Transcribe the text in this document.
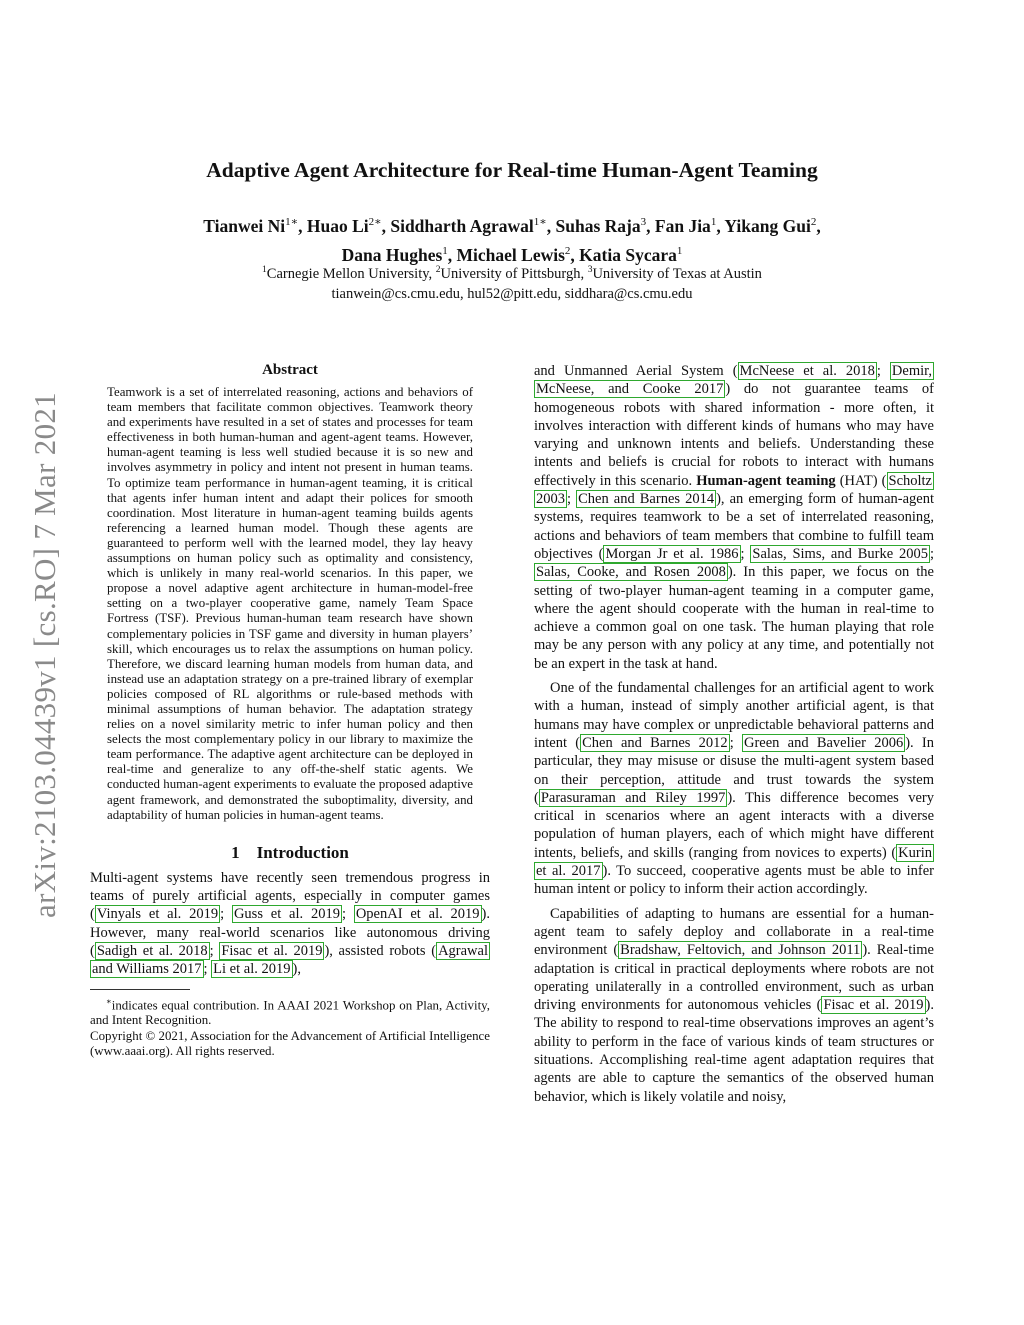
arXiv:2103.04439v1 [cs.RO] 7 Mar 2021
Adaptive Agent Architecture for Real-time Human-Agent Teaming
Tianwei $Ni^{1∗}$, Huao $Li^{2∗}$, Siddharth Agrawal$^{1∗}$, Suhas Raja$^3$, Fan Jia$^1$, Yikang Gui$^2$,
Dana Hughes$^1$, Michael Lewis$^2$, Katia Sycara$^1$
$^1$Carnegie Mellon University, $^2$University of Pittsburgh, $^3$University of Texas at Austin
tianwein@cs.cmu.edu, hul52@pitt.edu, siddhara@cs.cmu.edu
Abstract
Teamwork is a set of interrelated reasoning, actions and behaviors of team members that facilitate common objectives. Teamwork theory and experiments have resulted in a set of states and processes for team effectiveness in both human-human and agent-agent teams. However, human-agent teaming is less well studied because it is so new and involves asymmetry in policy and intent not present in human teams. To optimize team performance in human-agent teaming, it is critical that agents infer human intent and adapt their polices for smooth coordination. Most literature in human-agent teaming builds agents referencing a learned human model. Though these agents are guaranteed to perform well with the learned model, they lay heavy assumptions on human policy such as optimality and consistency, which is unlikely in many real-world scenarios. In this paper, we propose a novel adaptive agent architecture in human-model-free setting on a two-player cooperative game, namely Team Space Fortress (TSF). Previous human-human team research have shown complementary policies in TSF game and diversity in human players’ skill, which encourages us to relax the assumptions on human policy. Therefore, we discard learning human models from human data, and instead use an adaptation strategy on a pre-trained library of exemplar policies composed of RL algorithms or rule-based methods with minimal assumptions of human behavior. The adaptation strategy relies on a novel similarity metric to infer human policy and then selects the most complementary policy in our library to maximize the team performance. The adaptive agent architecture can be deployed in real-time and generalize to any off-the-shelf static agents. We conducted human-agent experiments to evaluate the proposed adaptive agent framework, and demonstrated the suboptimality, diversity, and adaptability of human policies in human-agent teams.
1 Introduction

Multi-agent systems have recently seen tremendous progress in teams of purely artificial agents, especially in computer games ( Vinyals et al. 2019 ; Guss et al. 2019 ; OpenAI et al. 2019 ). However, many real-world scenarios like autonomous driving ( Sadigh et al. 2018 ; Fisac et al. 2019 ), assisted robots ( Agrawal and Williams 2017 ; Li et al. 2019 ),

∗indicates equal contribution. In AAAI 2021 Workshop on Plan, Activity, and Intent Recognition.

Copyright © 2021, Association for the Advancement of Artificial Intelligence (www.aaai.org). All rights reserved.

and Unmanned Aerial System ( McNeese et al. 2018 ; Demir, McNeese, and Cooke 2017 ) do not guarantee teams of homogeneous robots with shared information - more often, it involves interaction with different kinds of humans who may have varying and unknown intents and beliefs. Understanding these intents and beliefs is crucial for robots to interact with humans effectively in this scenario. Human-agent teaming (HAT) ( Scholtz 2003 ; Chen and Barnes 2014 ), an emerging form of human-agent systems, requires teamwork to be a set of interrelated reasoning, actions and behaviors of team members that combine to fulfill team objectives ( Morgan Jr et al. 1986 ; Salas, Sims, and Burke 2005 ; Salas, Cooke, and Rosen 2008 ). In this paper, we focus on the setting of two-player human-agent teaming in a computer game, where the agent should cooperate with the human in real-time to achieve a common goal on one task. The human playing that role may be any person with any policy at any time, and potentially not be an expert in the task at hand.

One of the fundamental challenges for an artificial agent to work with a human, instead of simply another artificial agent, is that humans may have complex or unpredictable behavioral patterns and intent ( Chen and Barnes 2012 ; Green and Bavelier 2006 ). In particular, they may misuse or disuse the multi-agent system based on their perception, attitude and trust towards the system ( Parasuraman and Riley 1997 ). This difference becomes very critical in scenarios where an agent interacts with a diverse population of human players, each of which might have different intents, beliefs, and skills (ranging from novices to experts) ( Kurin et al. 2017 ). To succeed, cooperative agents must be able to infer human intent or policy to inform their action accordingly.

Capabilities of adapting to humans are essential for a human-agent team to safely deploy and collaborate in a real-time environment ( Bradshaw, Feltovich, and Johnson 2011 ). Real-time adaptation is critical in practical deployments where robots are not operating unilaterally in a controlled environment, such as urban driving environments for autonomous vehicles ( Fisac et al. 2019 ). The ability to respond to real-time observations improves an agent’s ability to perform in the face of various kinds of team structures or situations. Accomplishing real-time agent adaptation requires that agents are able to capture the semantics of the observed human behavior, which is likely volatile and noisy,
